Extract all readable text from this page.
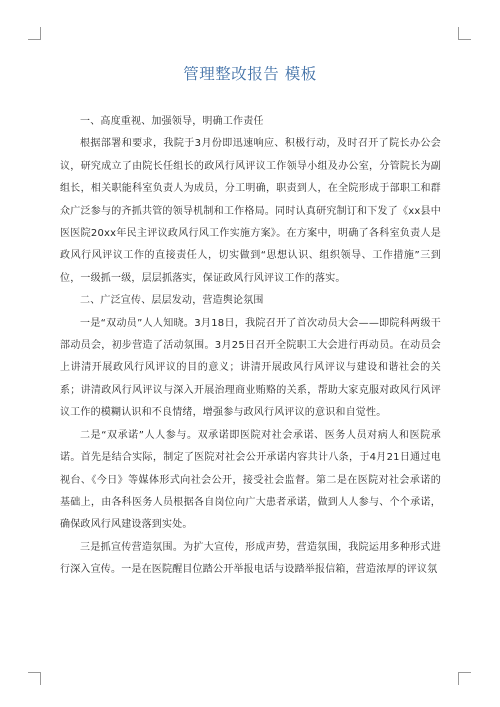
管理整改报告 模板

一、高度重视、加强领导，明确工作责任

根据部署和要求，我院于3月份即迅速响应、积极行动，及时召开了院长办公会议，研究成立了由院长任组长的政风行风评议工作领导小组及办公室，分管院长为副组长，相关职能科室负责人为成员，分工明确，职责到人，在全院形成于部职工和群众广泛参与的齐抓共管的领导机制和工作格局。同时认真研究制订和下发了《xx县中医医院20xx年民主评议政风行风工作实施方案》。在方案中，明确了各科室负责人是政风行风评议工作的直接责任人，切实做到“思想认识、组织领导、工作措施”三到位，一级抓一级，层层抓落实，保证政风行风评议工作的落实。

二、广泛宣传、层层发动，营造舆论氛围

一是“双动员”人人知晓。3月18日，我院召开了首次动员大会——即院科两级干部动员会，初步营造了活动氛围。3月25日召开全院职工大会进行再动员。在动员会上讲清开展政风行风评议的目的意义；讲清开展政风行风评议与建设和谐社会的关系；讲清政风行风评议与深入开展治理商业贿赂的关系，帮助大家克服对政风行风评议工作的模糊认识和不良情绪，增强参与政风行风评议的意识和自觉性。

二是“双承诺”人人参与。双承诺即医院对社会承诺、医务人员对病人和医院承诺。首先是结合实际，制定了医院对社会公开承诺内容共计八条，于4月21日通过电视台、《今日》等媒体形式向社会公开，接受社会监督。第二是在医院对社会承诺的基础上，由各科医务人员根据各自岗位向广大患者承诺，做到人人参与、个个承诺，确保政风行风建设落到实处。

三是抓宣传营造氛围。为扩大宣传，形成声势，营造氛围，我院运用多种形式进行深入宣传。一是在医院醒目位踏公开举报电话与设踏举报信箱，营造浓厚的评议氛
